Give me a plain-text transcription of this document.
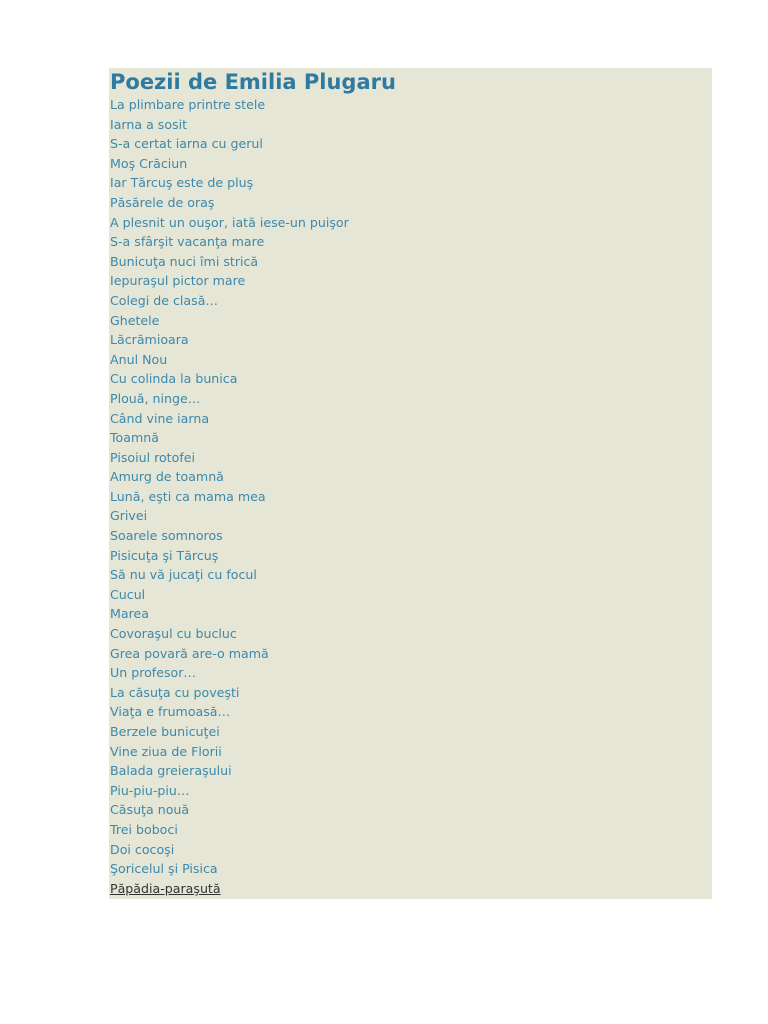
Poezii de Emilia Plugaru
La plimbare printre stele
Iarna a sosit
S-a certat iarna cu gerul
Moş Crăciun
Iar Tărcuş este de pluş
Păsărele de oraş
A plesnit un ouşor, iată iese-un puişor
S-a sfârşit vacanţa mare
Bunicuţa nuci îmi strică
Iepuraşul pictor mare
Colegi de clasă…
Ghetele
Lăcrămioara
Anul Nou
Cu colinda la bunica
Plouă, ninge…
Când vine iarna
Toamnă
Pisoiul rotofei
Amurg de toamnă
Lună, eşti ca mama mea
Grivei
Soarele somnoros
Pisicuţa şi Tărcuş
Să nu vă jucaţi cu focul
Cucul
Marea
Covoraşul cu bucluc
Grea povară are-o mamă
Un profesor…
La căsuţa cu poveşti
Viaţa e frumoasă…
Berzele bunicuţei
Vine ziua de Florii
Balada greieraşului
Piu-piu-piu…
Căsuţa nouă
Trei boboci
Doi cocoşi
Şoricelul şi Pisica
Păpădia-paraşută
